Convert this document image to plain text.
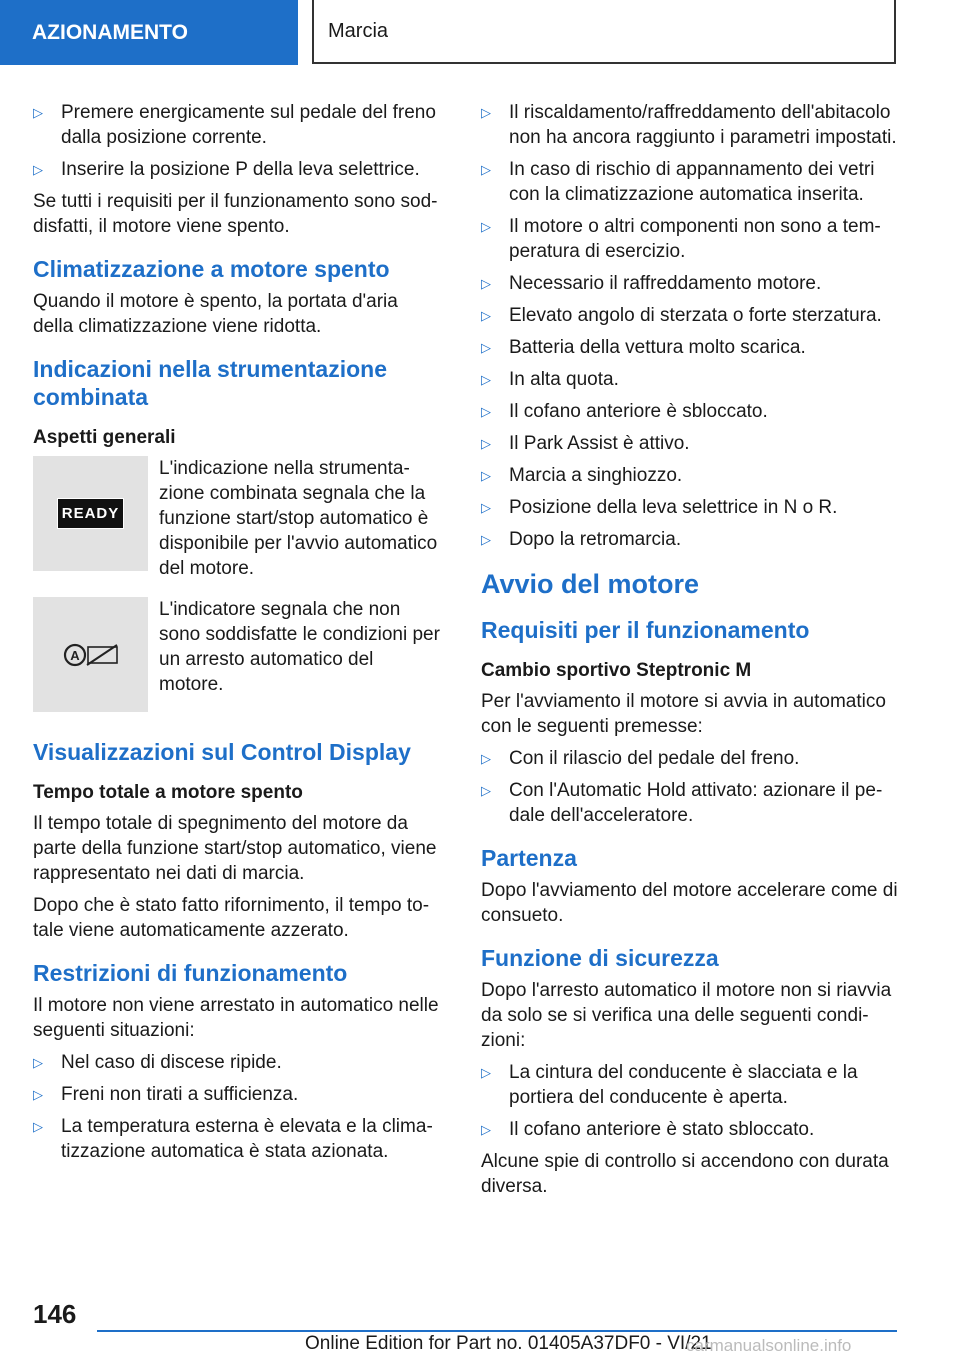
AZIONAMENTO	Marcia
▷ Premere energicamente sul pedale del freno dalla posizione corrente.
▷ Inserire la posizione P della leva selettrice.

Se tutti i requisiti per il funzionamento sono soddisfatti, il motore viene spento.

Climatizzazione a motore spento

Quando il motore è spento, la portata d'aria della climatizzazione viene ridotta.

Indicazioni nella strumentazione combinata
Aspetti generali
READY
L'indicazione nella strumentazione combinata segnala che la funzione start/stop automatico è disponibile per l'avvio automatico del motore.
A
L'indicatore segnala che non sono soddisfatte le condizioni per un arresto automatico del motore.
Visualizzazioni sul Control Display
Tempo totale a motore spento

Il tempo totale di spegnimento del motore da parte della funzione start/stop automatico, viene rappresentato nei dati di marcia.

Dopo che è stato fatto rifornimento, il tempo totale viene automaticamente azzerato.

Restrizioni di funzionamento

Il motore non viene arrestato in automatico nelle seguenti situazioni:

▷ Nel caso di discese ripide.
▷ Freni non tirati a sufficienza.
▷ La temperatura esterna è elevata e la climatizzazione automatica è stata azionata.
▷ Il riscaldamento/raffreddamento dell'abitacolo non ha ancora raggiunto i parametri impostati.
▷ In caso di rischio di appannamento dei vetri con la climatizzazione automatica inserita.
▷ Il motore o altri componenti non sono a temperatura di esercizio.
▷ Necessario il raffreddamento motore.
▷ Elevato angolo di sterzata o forte sterzatura.
▷ Batteria della vettura molto scarica.
▷ In alta quota.
▷ Il cofano anteriore è sbloccato.
▷ Il Park Assist è attivo.
▷ Marcia a singhiozzo.
▷ Posizione della leva selettrice in N o R.
▷ Dopo la retromarcia.
Avvio del motore
Requisiti per il funzionamento
Cambio sportivo Steptronic M

Per l'avviamento il motore si avvia in automatico con le seguenti premesse:

▷ Con il rilascio del pedale del freno.
▷ Con l'Automatic Hold attivato: azionare il pedale dell'acceleratore.
Partenza

Dopo l'avviamento del motore accelerare come di consueto.

Funzione di sicurezza

Dopo l'arresto automatico il motore non si riavvia da solo se si verifica una delle seguenti condizioni:

▷ La cintura del conducente è slacciata e la portiera del conducente è aperta.
▷ Il cofano anteriore è stato sbloccato.

Alcune spie di controllo si accendono con durata diversa.

146
Online Edition for Part no. 01405A37DF0 - VI/21
carmanualsonline.info
